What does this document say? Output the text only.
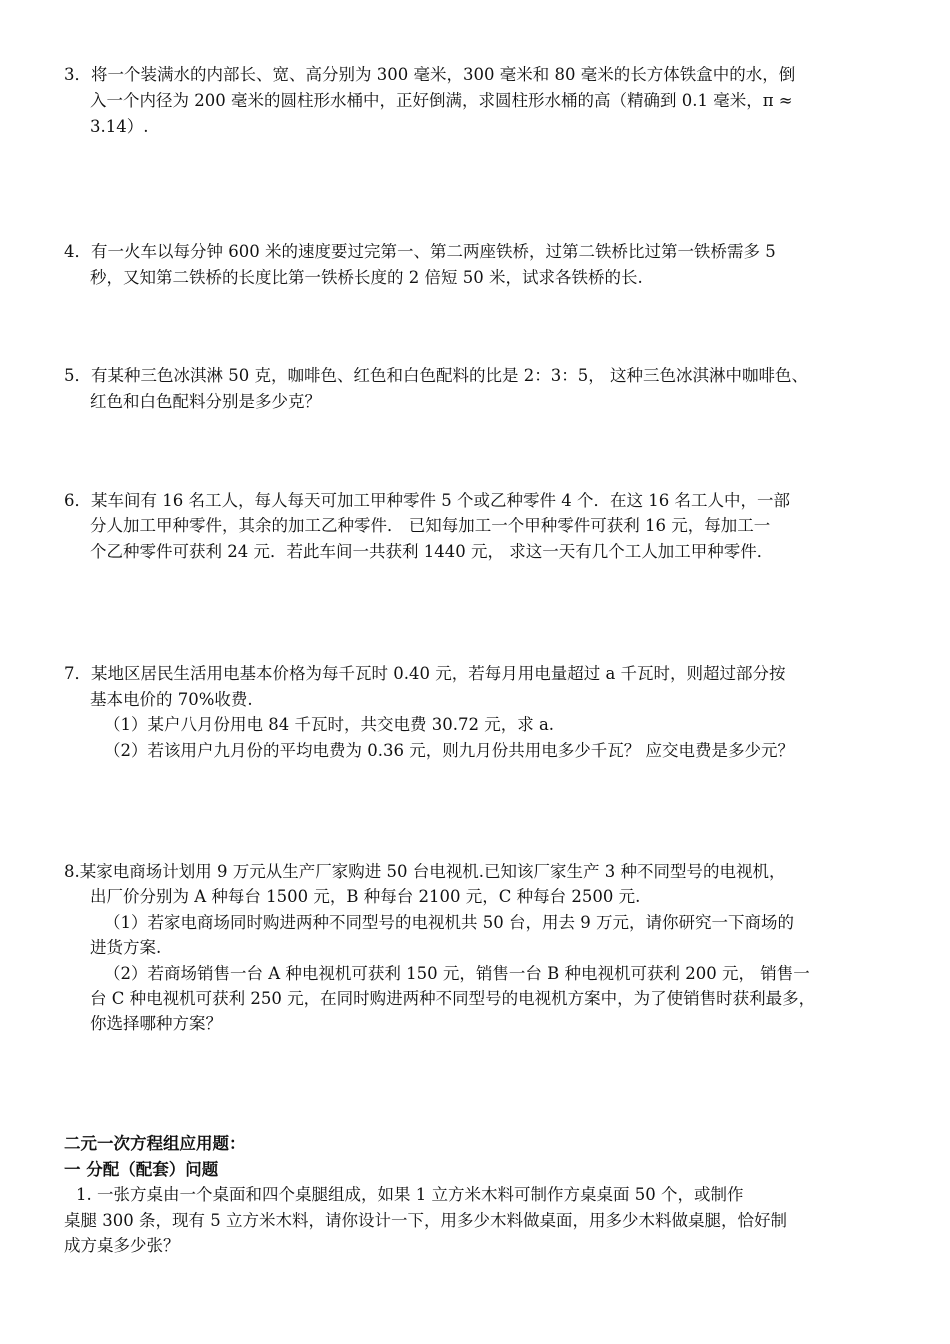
3．将一个装满水的内部长、宽、高分别为 300 毫米，300 毫米和 80 毫米的长方体铁盒中的水，倒
入一个内径为 200 毫米的圆柱形水桶中，正好倒满，求圆柱形水桶的高（精确到 0.1 毫米，π ≈
3.14）.
4．有一火车以每分钟 600 米的速度要过完第一、第二两座铁桥，过第二铁桥比过第一铁桥需多 5
秒，又知第二铁桥的长度比第一铁桥长度的 2 倍短 50 米，试求各铁桥的长.
5．有某种三色冰淇淋 50 克，咖啡色、红色和白色配料的比是 2：3：5， 这种三色冰淇淋中咖啡色、
红色和白色配料分别是多少克？
6．某车间有 16 名工人，每人每天可加工甲种零件 5 个或乙种零件 4 个．在这 16 名工人中，一部
分人加工甲种零件，其余的加工乙种零件． 已知每加工一个甲种零件可获利 16 元，每加工一
个乙种零件可获利 24 元．若此车间一共获利 1440 元， 求这一天有几个工人加工甲种零件．
7．某地区居民生活用电基本价格为每千瓦时 0.40 元，若每月用电量超过 a 千瓦时，则超过部分按
基本电价的 70%收费.
（1）某户八月份用电 84 千瓦时，共交电费 30.72 元，求 a.
（2）若该用户九月份的平均电费为 0.36 元，则九月份共用电多少千瓦？ 应交电费是多少元？
8.某家电商场计划用 9 万元从生产厂家购进 50 台电视机.已知该厂家生产 3 种不同型号的电视机，
出厂价分别为 A 种每台 1500 元，B 种每台 2100 元，C 种每台 2500 元.
（1）若家电商场同时购进两种不同型号的电视机共 50 台，用去 9 万元，请你研究一下商场的
进货方案.
（2）若商场销售一台 A 种电视机可获利 150 元，销售一台 B 种电视机可获利 200 元， 销售一
台 C 种电视机可获利 250 元，在同时购进两种不同型号的电视机方案中，为了使销售时获利最多，
你选择哪种方案？
二元一次方程组应用题：
一 分配（配套）问题
1. 一张方桌由一个桌面和四个桌腿组成，如果 1 立方米木料可制作方桌桌面 50 个，或制作
桌腿 300 条，现有 5 立方米木料，请你设计一下，用多少木料做桌面，用多少木料做桌腿，恰好制
成方桌多少张？
